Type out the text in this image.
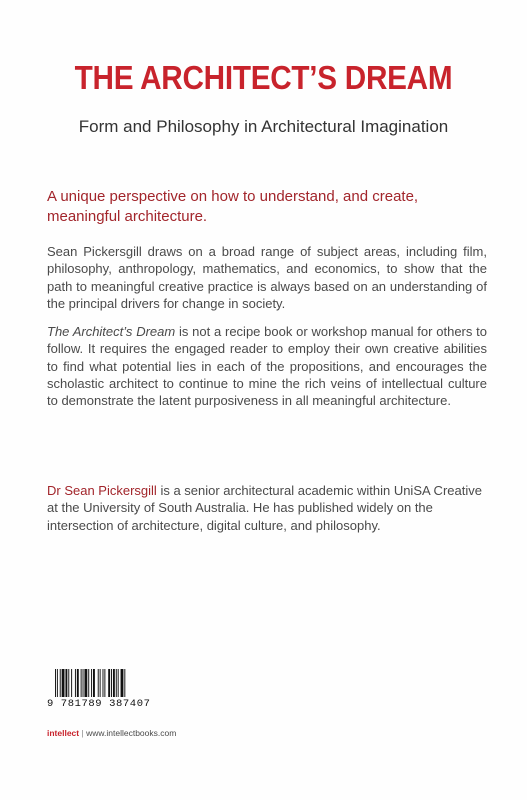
THE ARCHITECT’S DREAM
Form and Philosophy in Architectural Imagination
A unique perspective on how to understand, and create, meaningful architecture.
Sean Pickersgill draws on a broad range of subject areas, including film, philosophy, anthropology, mathematics, and economics, to show that the path to meaningful creative practice is always based on an understanding of the principal drivers for change in society.
The Architect’s Dream is not a recipe book or workshop manual for others to follow. It requires the engaged reader to employ their own creative abilities to find what potential lies in each of the propositions, and encourages the scholastic architect to continue to mine the rich veins of intellectual culture to demonstrate the latent purposiveness in all meaningful architecture.
Dr Sean Pickersgill is a senior architectural academic within UniSA Creative at the University of South Australia. He has published widely on the intersection of architecture, digital culture, and philosophy.
9 781789 387407
intellect | www.intellectbooks.com
